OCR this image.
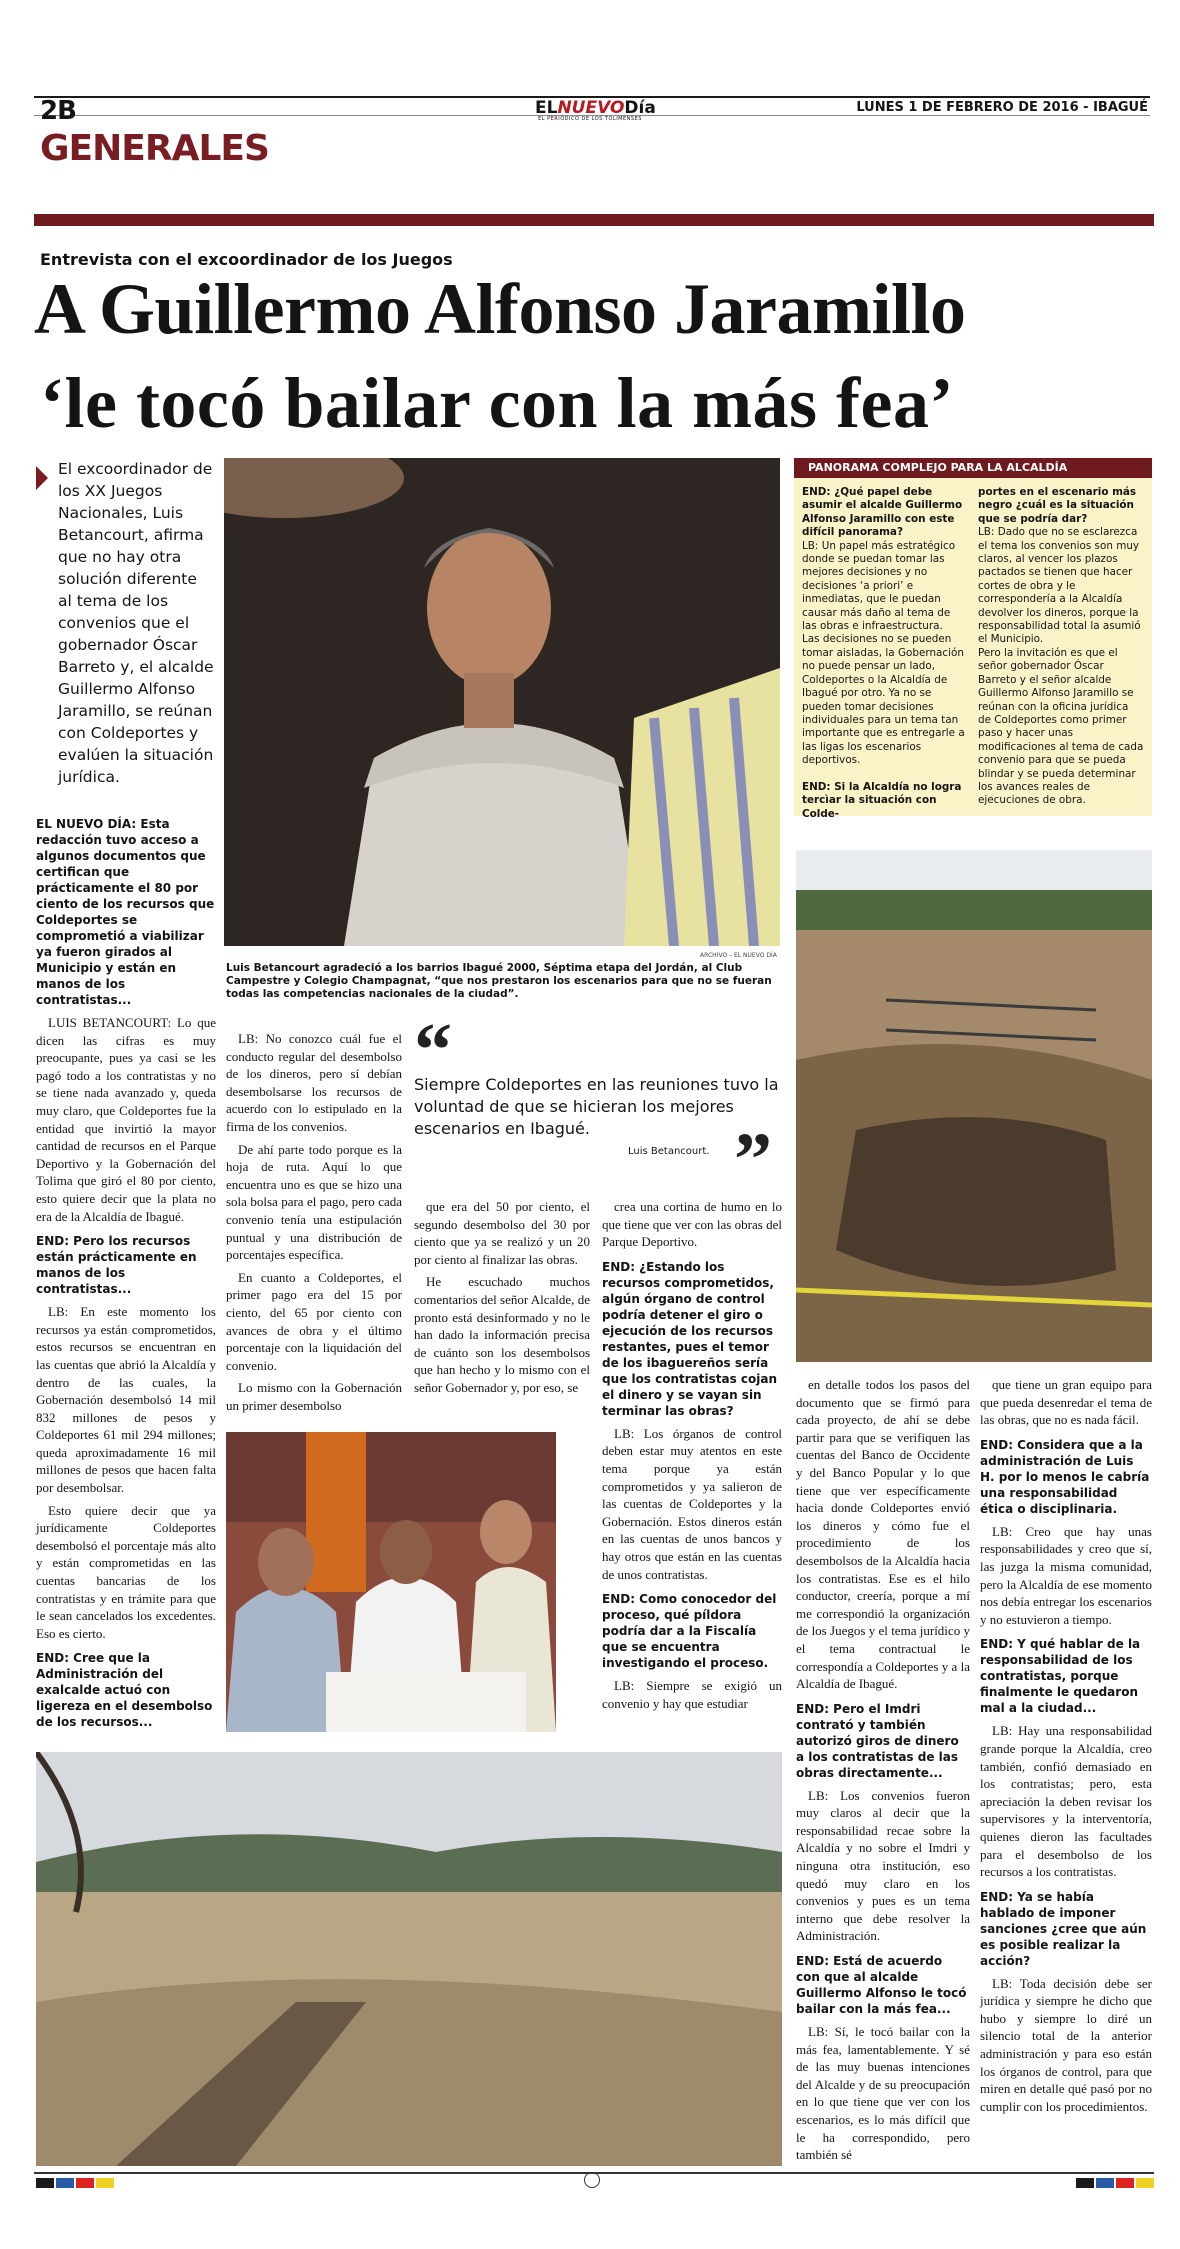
2B	ELNUEVODía
EL PERIÓDICO DE LOS TOLIMENSES
LUNES 1 DE FEBRERO DE 2016 - IBAGUÉ
GENERALES
Entrevista con el excoordinador de los Juegos
A Guillermo Alfonso Jaramillo
‘le tocó bailar con la más fea’
El excoordinador de los XX Juegos Nacionales, Luis Betancourt, afirma que no hay otra solución diferente al tema de los convenios que el gobernador Óscar Barreto y, el alcalde Guillermo Alfonso Jaramillo, se reúnan con Coldeportes y evalúen la situación jurídica.
ARCHIVO – EL NUEVO DÍA
Luis Betancourt agradeció a los barrios Ibagué 2000, Séptima etapa del Jordán, al Club Campestre y Colegio Champagnat, “que nos prestaron los escenarios para que no se fueran todas las competencias nacionales de la ciudad”.
PANORAMA COMPLEJO PARA LA ALCALDÍA
END: ¿Qué papel debe asumir el alcalde Guillermo Alfonso Jaramillo con este difícil panorama?
LB: Un papel más estratégico donde se puedan tomar las mejores decisiones y no decisiones ‘a priori’ e inmediatas, que le puedan causar más daño al tema de las obras e infraestructura.
Las decisiones no se pueden tomar aisladas, la Gobernación no puede pensar un lado, Coldeportes o la Alcaldía de Ibagué por otro. Ya no se pueden tomar decisiones individuales para un tema tan importante que es entregarle a las ligas los escenarios deportivos.

END: Si la Alcaldía no logra tercìar la situación con Colde-
portes en el escenario más negro ¿cuál es la situación que se podría dar?
LB: Dado que no se esclarezca el tema los convenios son muy claros, al vencer los plazos pactados se tienen que hacer cortes de obra y le correspondería a la Alcaldía devolver los dineros, porque la responsabilidad total la asumió el Municipio.
Pero la invitación es que el señor gobernador Óscar Barreto y el señor alcalde Guillermo Alfonso Jaramillo se reúnan con la oficina jurídica de Coldeportes como primer paso y hacer unas modificaciones al tema de cada convenio para que se pueda blindar y se pueda determinar los avances reales de ejecuciones de obra.
“
Siempre Coldeportes en las reuniones tuvo la voluntad de que se hicieran los mejores escenarios en Ibagué.
Luis Betancourt. ”
EL NUEVO DÍA: Esta redacción tuvo acceso a algunos documentos que certifican que prácticamente el 80 por ciento de los recursos que Coldeportes se comprometió a viabilizar ya fueron girados al Municipio y están en manos de los contratistas...

LUIS BETANCOURT: Lo que dicen las cifras es muy preocupante, pues ya casi se les pagó todo a los contratistas y no se tiene nada avanzado y, queda muy claro, que Coldeportes fue la entidad que invirtió la mayor cantidad de recursos en el Parque Deportivo y la Gobernación del Tolima que giró el 80 por ciento, esto quiere decir que la plata no era de la Alcaldía de Ibagué.

END: Pero los recursos están prácticamente en manos de los contratistas...

LB: En este momento los recursos ya están comprometidos, estos recursos se encuentran en las cuentas que abrió la Alcaldía y dentro de las cuales, la Gobernación desembolsó 14 mil 832 millones de pesos y Coldeportes 61 mil 294 millones; queda aproximadamente 16 mil millones de pesos que hacen falta por desembolsar.

Esto quiere decir que ya jurídicamente Coldeportes desembolsó el porcentaje más alto y están comprometidas en las cuentas bancarias de los contratistas y en trámite para que le sean cancelados los excedentes. Eso es cierto.

END: Cree que la Administración del exalcalde actuó con ligereza en el desembolso de los recursos...

LB: No conozco cuál fue el conducto regular del desembolso de los dineros, pero sí debían desembolsarse los recursos de acuerdo con lo estipulado en la firma de los convenios.

De ahí parte todo porque es la hoja de ruta. Aquí lo que encuentra uno es que se hizo una sola bolsa para el pago, pero cada convenio tenía una estipulación puntual y una distribución de porcentajes específica.

En cuanto a Coldeportes, el primer pago era del 15 por ciento, del 65 por ciento con avances de obra y el último porcentaje con la liquidación del convenio.

Lo mismo con la Gobernación un primer desembolso

que era del 50 por ciento, el segundo desembolso del 30 por ciento que ya se realizó y un 20 por ciento al finalizar las obras.

He escuchado muchos comentarios del señor Alcalde, de pronto está desinformado y no le han dado la información precisa de cuánto son los desembolsos que han hecho y lo mismo con el señor Gobernador y, por eso, se

crea una cortina de humo en lo que tiene que ver con las obras del Parque Deportivo.

END: ¿Estando los recursos comprometidos, algún órgano de control podría detener el giro o ejecución de los recursos restantes, pues el temor de los ibaguereños sería que los contratistas cojan el dinero y se vayan sin terminar las obras?

LB: Los órganos de control deben estar muy atentos en este tema porque ya están comprometidos y ya salieron de las cuentas de Coldeportes y la Gobernación. Estos dineros están en las cuentas de unos bancos y hay otros que están en las cuentas de unos contratistas.

END: Como conocedor del proceso, qué píldora podría dar a la Fiscalía que se encuentra investigando el proceso.

LB: Siempre se exigió un convenio y hay que estudiar

en detalle todos los pasos del documento que se firmó para cada proyecto, de ahí se debe partir para que se verifiquen las cuentas del Banco de Occidente y del Banco Popular y lo que tiene que ver específicamente hacia donde Coldeportes envió los dineros y cómo fue el procedimiento de los desembolsos de la Alcaldía hacia los contratistas. Ese es el hilo conductor, creería, porque a mí me correspondió la organización de los Juegos y el tema jurídico y el tema contractual le correspondía a Coldeportes y a la Alcaldía de Ibagué.

END: Pero el Imdri contrató y también autorizó giros de dinero a los contratistas de las obras directamente...

LB: Los convenios fueron muy claros al decir que la responsabilidad recae sobre la Alcaldía y no sobre el Imdri y ninguna otra institución, eso quedó muy claro en los convenios y pues es un tema interno que debe resolver la Administración.

END: Está de acuerdo con que al alcalde Guillermo Alfonso le tocó bailar con la más fea...

LB: Sí, le tocó bailar con la más fea, lamentablemente. Y sé de las muy buenas intenciones del Alcalde y de su preocupación en lo que tiene que ver con los escenarios, es lo más difícil que le ha correspondido, pero también sé

que tiene un gran equipo para que pueda desenredar el tema de las obras, que no es nada fácil.

END: Considera que a la administración de Luis H. por lo menos le cabría una responsabilidad ética o disciplinaria.

LB: Creo que hay unas responsabilidades y creo que sí, las juzga la misma comunidad, pero la Alcaldía de ese momento nos debía entregar los escenarios y no estuvieron a tiempo.

END: Y qué hablar de la responsabilidad de los contratistas, porque finalmente le quedaron mal a la ciudad...

LB: Hay una responsabilidad grande porque la Alcaldía, creo también, confió demasiado en los contratistas; pero, esta apreciación la deben revisar los supervisores y la interventoría, quienes dieron las facultades para el desembolso de los recursos a los contratistas.

END: Ya se había hablado de imponer sanciones ¿cree que aún es posible realizar la acción?

LB: Toda decisión debe ser jurídica y siempre he dicho que hubo y siempre lo diré un silencio total de la anterior administración y para eso están los órganos de control, para que miren en detalle qué pasó por no cumplir con los procedimientos.
